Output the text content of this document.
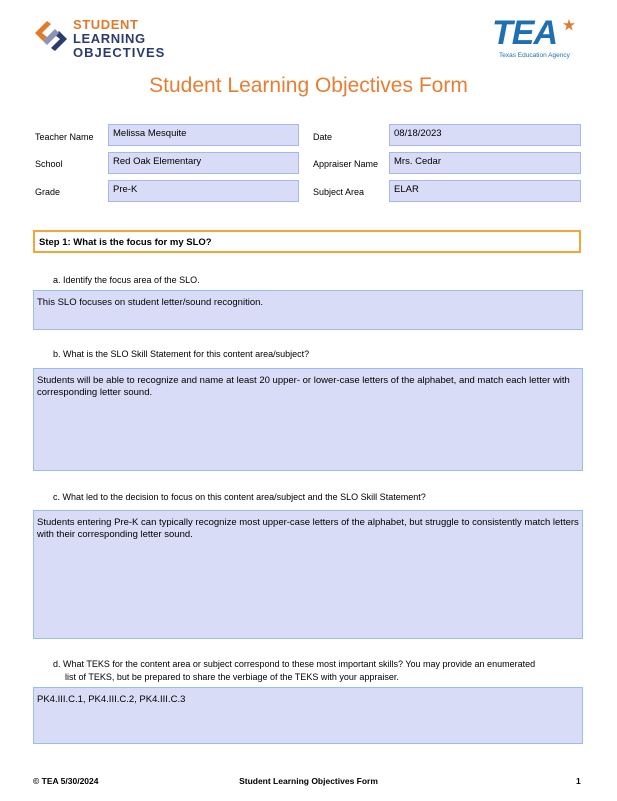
STUDENT
LEARNING
OBJECTIVES
TEA
Texas Education Agency
Student Learning Objectives Form
Teacher Name	Melissa Mesquite	Date	08/18/2023
School	Red Oak Elementary	Appraiser Name	Mrs. Cedar
Grade	Pre-K	Subject Area	ELAR
Step 1: What is the focus for my SLO?
a. Identify the focus area of the SLO.
This SLO focuses on student letter/sound recognition.
b. What is the SLO Skill Statement for this content area/subject?
Students will be able to recognize and name at least 20 upper- or lower-case letters of the alphabet, and match each letter with corresponding letter sound.
c. What led to the decision to focus on this content area/subject and the SLO Skill Statement?
Students entering Pre-K can typically recognize most upper-case letters of the alphabet, but struggle to consistently match letters with their corresponding letter sound.
d. What TEKS for the content area or subject correspond to these most important skills? You may provide an enumerated
list of TEKS, but be prepared to share the verbiage of the TEKS with your appraiser.
PK4.III.C.1, PK4.III.C.2, PK4.III.C.3
© TEA 5/30/2024	Student Learning Objectives Form	1
